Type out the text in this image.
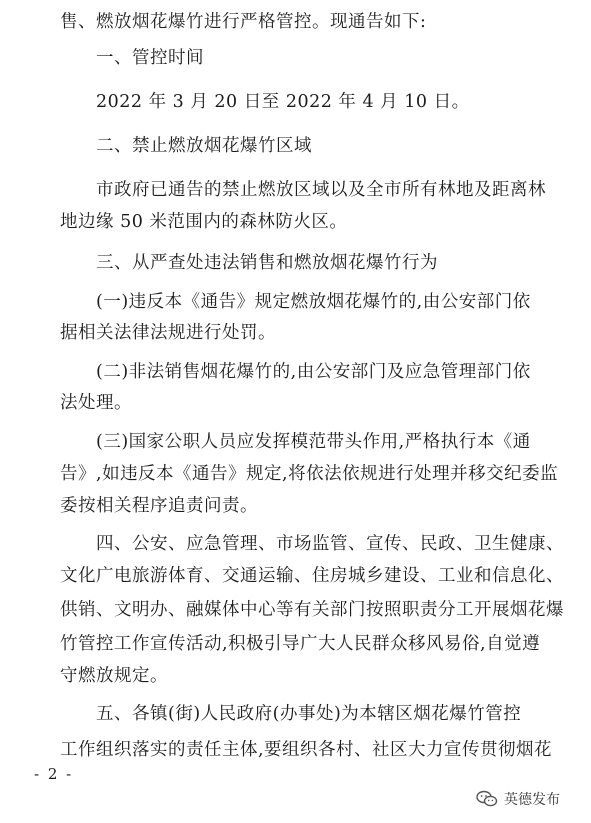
售、燃放烟花爆竹进行严格管控。现通告如下:
一、管控时间
2022 年 3 月 20 日至 2022 年 4 月 10 日。
二、禁止燃放烟花爆竹区域
市政府已通告的禁止燃放区域以及全市所有林地及距离林
地边缘 50 米范围内的森林防火区。
三、从严查处违法销售和燃放烟花爆竹行为
(一)违反本《通告》规定燃放烟花爆竹的,由公安部门依
据相关法律法规进行处罚。
(二)非法销售烟花爆竹的,由公安部门及应急管理部门依
法处理。
(三)国家公职人员应发挥模范带头作用,严格执行本《通
告》,如违反本《通告》规定,将依法依规进行处理并移交纪委监
委按相关程序追责问责。
四、公安、应急管理、市场监管、宣传、民政、卫生健康、
文化广电旅游体育、交通运输、住房城乡建设、工业和信息化、
供销、文明办、融媒体中心等有关部门按照职责分工开展烟花爆
竹管控工作宣传活动,积极引导广大人民群众移风易俗,自觉遵
守燃放规定。
五、各镇(街)人民政府(办事处)为本辖区烟花爆竹管控
工作组织落实的责任主体,要组织各村、社区大力宣传贯彻烟花
- 2 -
英德发布
